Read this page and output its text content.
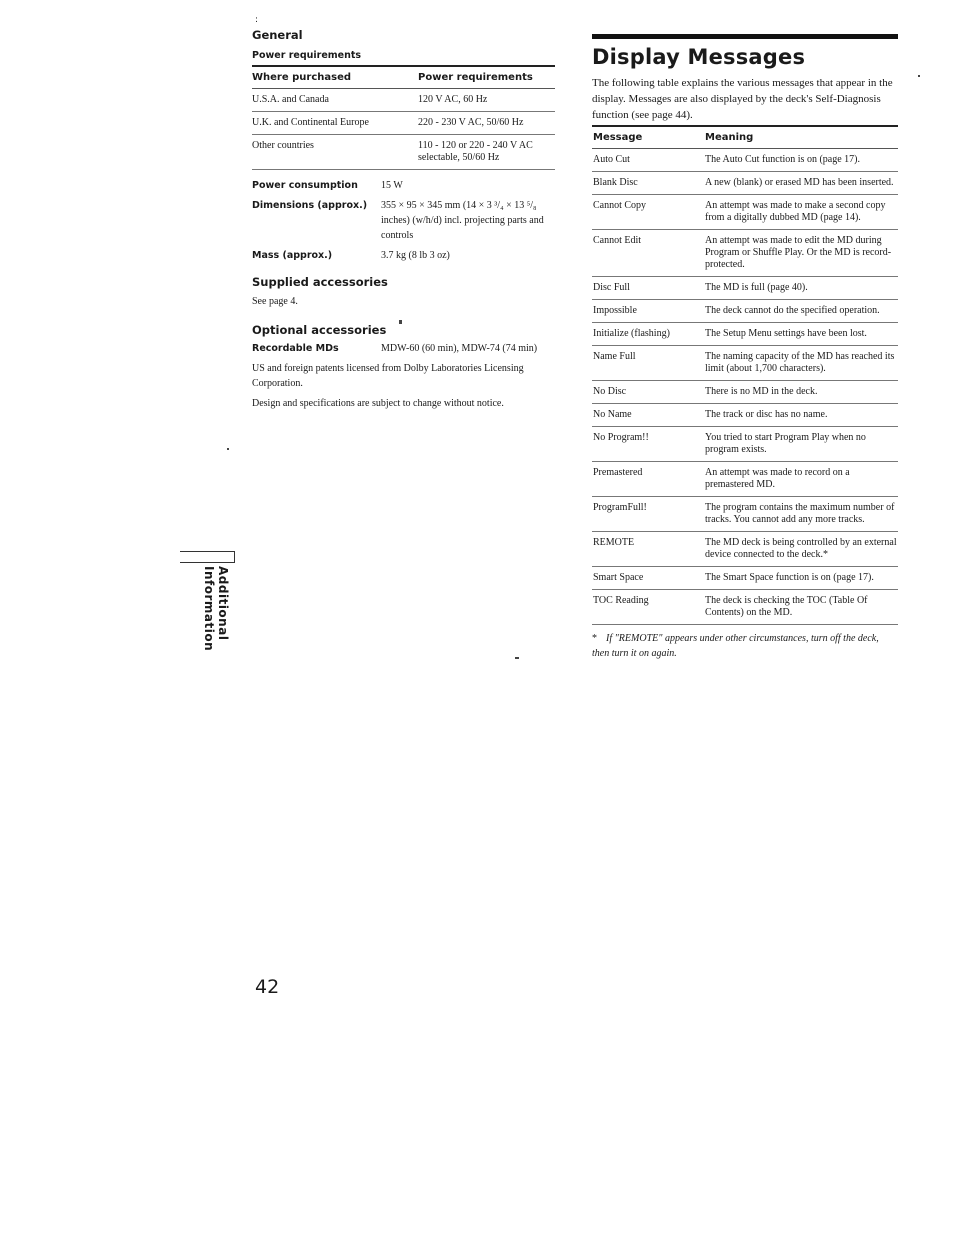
:
General
Power requirements
Where purchased	Power requirements
U.S.A. and Canada	120 V AC, 60 Hz
U.K. and Continental Europe	220 - 230 V AC, 50/60 Hz
Other countries	110 - 120 or 220 - 240 V AC selectable, 50/60 Hz
Power consumption 15 W
Dimensions (approx.) 355 × 95 × 345 mm (14 × 3 ³/₄ × 13 ⁵/₈ inches) (w/h/d) incl. projecting parts and controls
Mass (approx.)	3.7 kg (8 lb 3 oz)
Supplied accessories
See page 4.
Optional accessories
Recordable MDs	MDW-60 (60 min), MDW-74 (74 min)
US and foreign patents licensed from Dolby Laboratories Licensing Corporation.
Design and specifications are subject to change without notice.
Display Messages
The following table explains the various messages that appear in the display. Messages are also displayed by the deck's Self-Diagnosis function (see page 44).
Message	Meaning
Auto Cut	The Auto Cut function is on (page 17).
Blank Disc	A new (blank) or erased MD has been inserted.
Cannot Copy	An attempt was made to make a second copy from a digitally dubbed MD (page 14).
Cannot Edit	An attempt was made to edit the MD during Program or Shuffle Play. Or the MD is record-protected.
Disc Full	The MD is full (page 40).
Impossible	The deck cannot do the specified operation.
Initialize (flashing)	The Setup Menu settings have been lost.
Name Full	The naming capacity of the MD has reached its limit (about 1,700 characters).
No Disc	There is no MD in the deck.
No Name	The track or disc has no name.
No Program!!	You tried to start Program Play when no program exists.
Premastered	An attempt was made to record on a premastered MD.
ProgramFull!	The program contains the maximum number of tracks. You cannot add any more tracks.
REMOTE	The MD deck is being controlled by an external device connected to the deck.*
Smart Space	The Smart Space function is on (page 17).
TOC Reading	The deck is checking the TOC (Table Of Contents) on the MD.
* If "REMOTE" appears under other circumstances, turn off the deck, then turn it on again.
Additional Information
42
